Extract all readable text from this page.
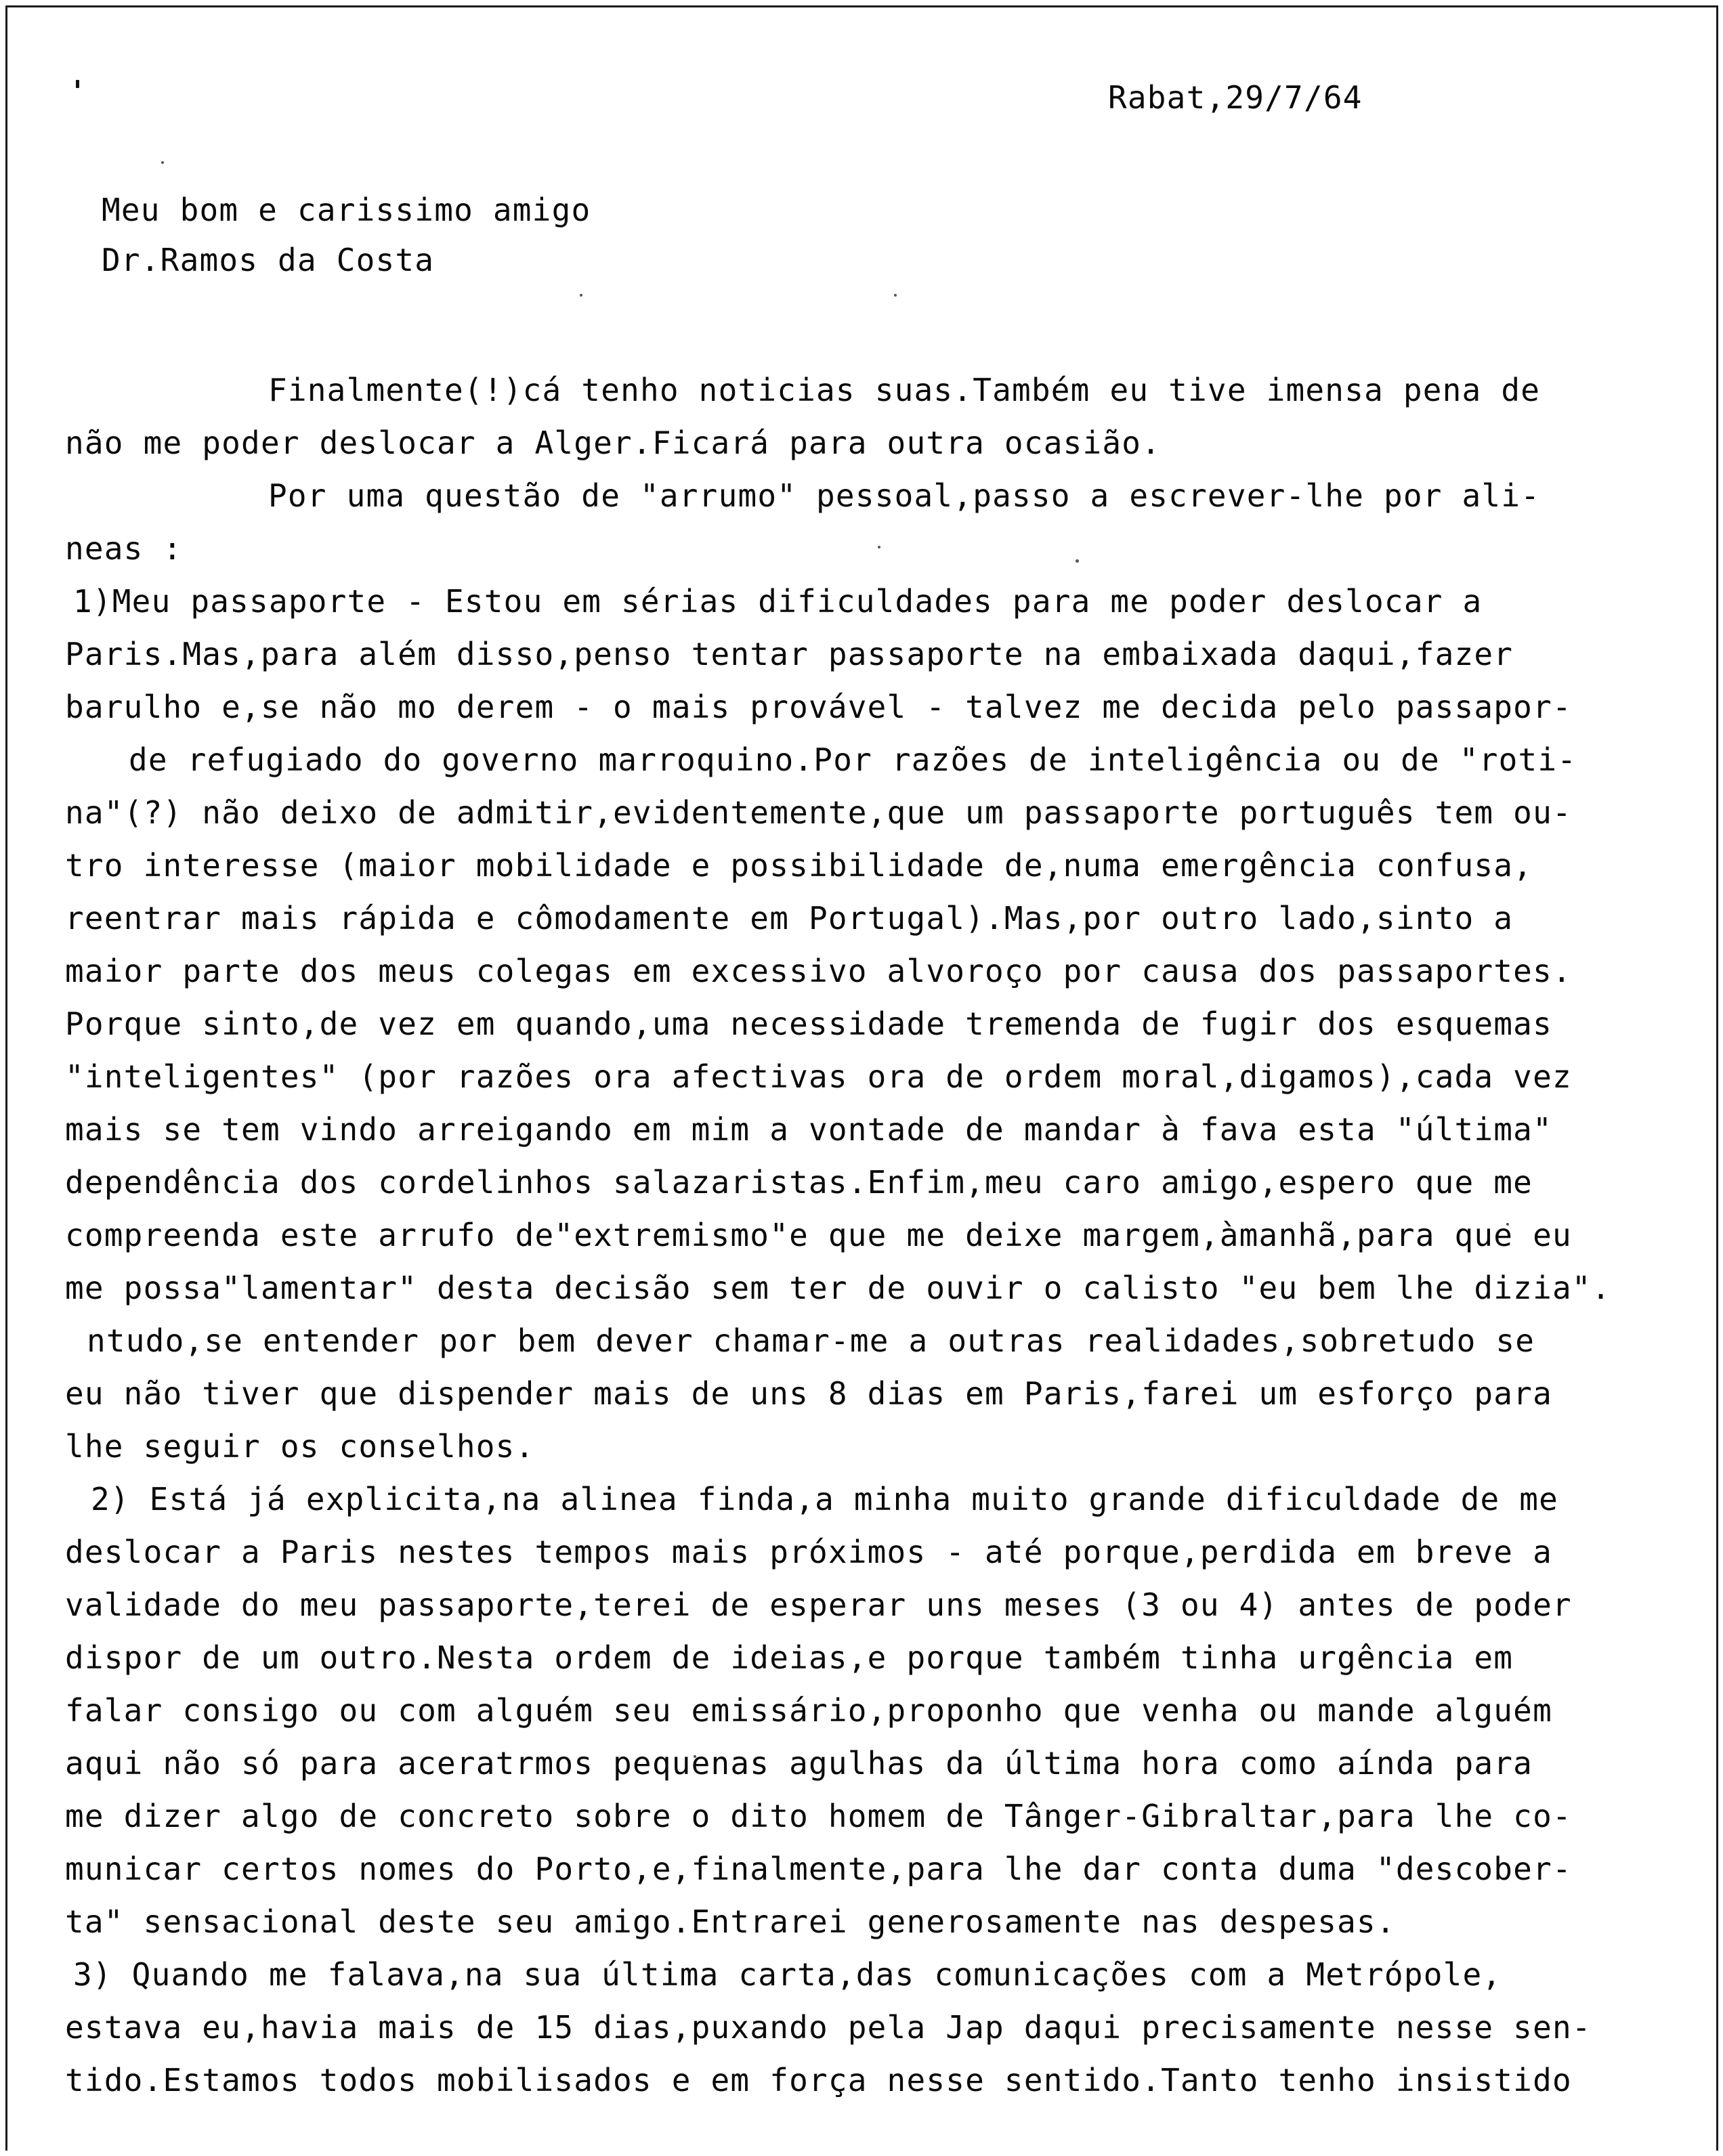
Rabat,29/7/64
Meu bom e carissimo amigo
Dr.Ramos da Costa
Finalmente(!)cá tenho noticias suas.Também eu tive imensa pena de
não me poder deslocar a Alger.Ficará para outra ocasião.
Por uma questão de "arrumo" pessoal,passo a escrever-lhe por ali-
neas :
1)Meu passaporte - Estou em sérias dificuldades para me poder deslocar a
Paris.Mas,para além disso,penso tentar passaporte na embaixada daqui,fazer
barulho e,se não mo derem - o mais provável - talvez me decida pelo passapor-
de refugiado do governo marroquino.Por razões de inteligência ou de "roti-
na"(?) não deixo de admitir,evidentemente,que um passaporte português tem ou-
tro interesse (maior mobilidade e possibilidade de,numa emergência confusa,
reentrar mais rápida e cômodamente em Portugal).Mas,por outro lado,sinto a
maior parte dos meus colegas em excessivo alvoroço por causa dos passaportes.
Porque sinto,de vez em quando,uma necessidade tremenda de fugir dos esquemas
"inteligentes" (por razões ora afectivas ora de ordem moral,digamos),cada vez
mais se tem vindo arreigando em mim a vontade de mandar à fava esta "última"
dependência dos cordelinhos salazaristas.Enfim,meu caro amigo,espero que me
compreenda este arrufo de"extremismo"e que me deixe margem,àmanhã,para que eu
me possa"lamentar" desta decisão sem ter de ouvir o calisto "eu bem lhe dizia".
ntudo,se entender por bem dever chamar-me a outras realidades,sobretudo se
eu não tiver que dispender mais de uns 8 dias em Paris,farei um esforço para
lhe seguir os conselhos.
2) Está já explicita,na alinea finda,a minha muito grande dificuldade de me
deslocar a Paris nestes tempos mais próximos - até porque,perdida em breve a
validade do meu passaporte,terei de esperar uns meses (3 ou 4) antes de poder
dispor de um outro.Nesta ordem de ideias,e porque também tinha urgência em
falar consigo ou com alguém seu emissário,proponho que venha ou mande alguém
aqui não só para aceratrmos pequenas agulhas da última hora como aínda para
me dizer algo de concreto sobre o dito homem de Tânger-Gibraltar,para lhe co-
municar certos nomes do Porto,e,finalmente,para lhe dar conta duma "descober-
ta" sensacional deste seu amigo.Entrarei generosamente nas despesas.
3) Quando me falava,na sua última carta,das comunicações com a Metrópole,
estava eu,havia mais de 15 dias,puxando pela Jap daqui precisamente nesse sen-
tido.Estamos todos mobilisados e em força nesse sentido.Tanto tenho insistido
